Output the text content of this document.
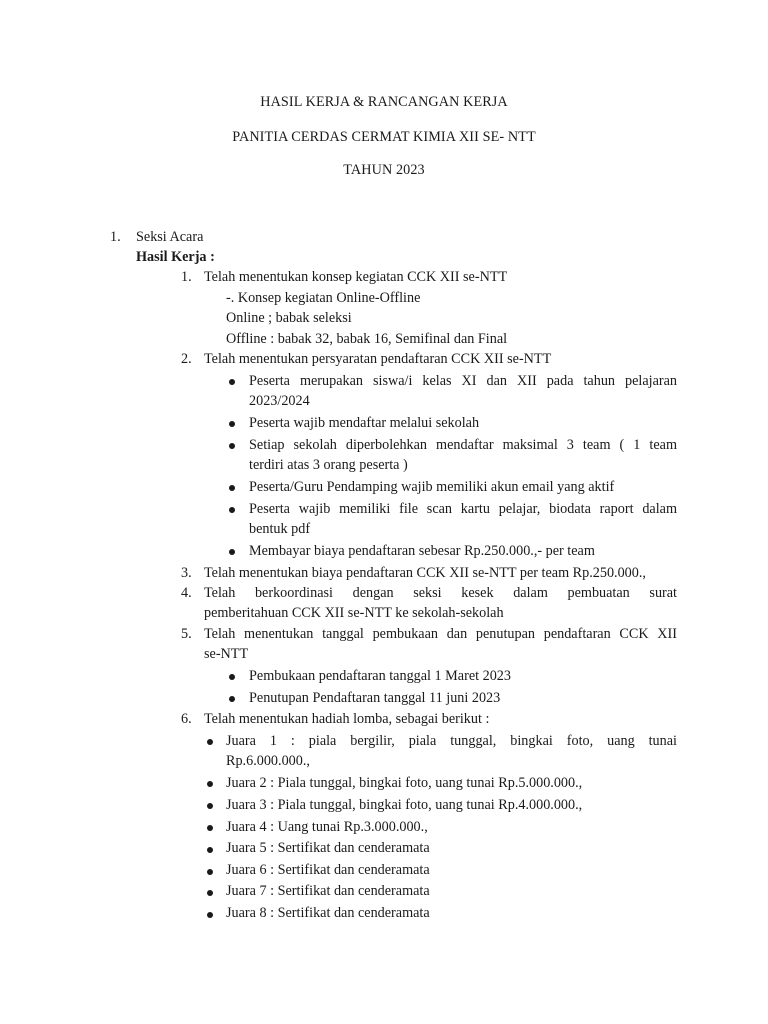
HASIL KERJA & RANCANGAN KERJA
PANITIA CERDAS CERMAT KIMIA XII SE- NTT
TAHUN 2023
1. Seksi Acara
Hasil Kerja :
1. Telah menentukan konsep kegiatan CCK XII se-NTT
-. Konsep kegiatan Online-Offline
Online ; babak seleksi
Offline : babak 32, babak 16, Semifinal dan Final
2. Telah menentukan persyaratan pendaftaran CCK XII se-NTT
Peserta merupakan siswa/i kelas XI dan XII pada tahun pelajaran
2023/2024
Peserta wajib mendaftar melalui sekolah
Setiap sekolah diperbolehkan mendaftar maksimal 3 team ( 1 team
terdiri atas 3 orang peserta )
Peserta/Guru Pendamping wajib memiliki akun email yang aktif
Peserta wajib memiliki file scan kartu pelajar, biodata raport dalam
bentuk pdf
Membayar biaya pendaftaran sebesar Rp.250.000.,- per team
3. Telah menentukan biaya pendaftaran CCK XII se-NTT per team Rp.250.000.,
4. Telah berkoordinasi dengan seksi kesek dalam pembuatan surat
pemberitahuan CCK XII se-NTT ke sekolah-sekolah
5. Telah menentukan tanggal pembukaan dan penutupan pendaftaran CCK XII
se-NTT
Pembukaan pendaftaran tanggal 1 Maret 2023
Penutupan Pendaftaran tanggal 11 juni 2023
6. Telah menentukan hadiah lomba, sebagai berikut :
Juara 1 : piala bergilir, piala tunggal, bingkai foto, uang tunai
Rp.6.000.000.,
Juara 2 : Piala tunggal, bingkai foto, uang tunai Rp.5.000.000.,
Juara 3 : Piala tunggal, bingkai foto, uang tunai Rp.4.000.000.,
Juara 4 : Uang tunai Rp.3.000.000.,
Juara 5 : Sertifikat dan cenderamata
Juara 6 : Sertifikat dan cenderamata
Juara 7 : Sertifikat dan cenderamata
Juara 8 : Sertifikat dan cenderamata
